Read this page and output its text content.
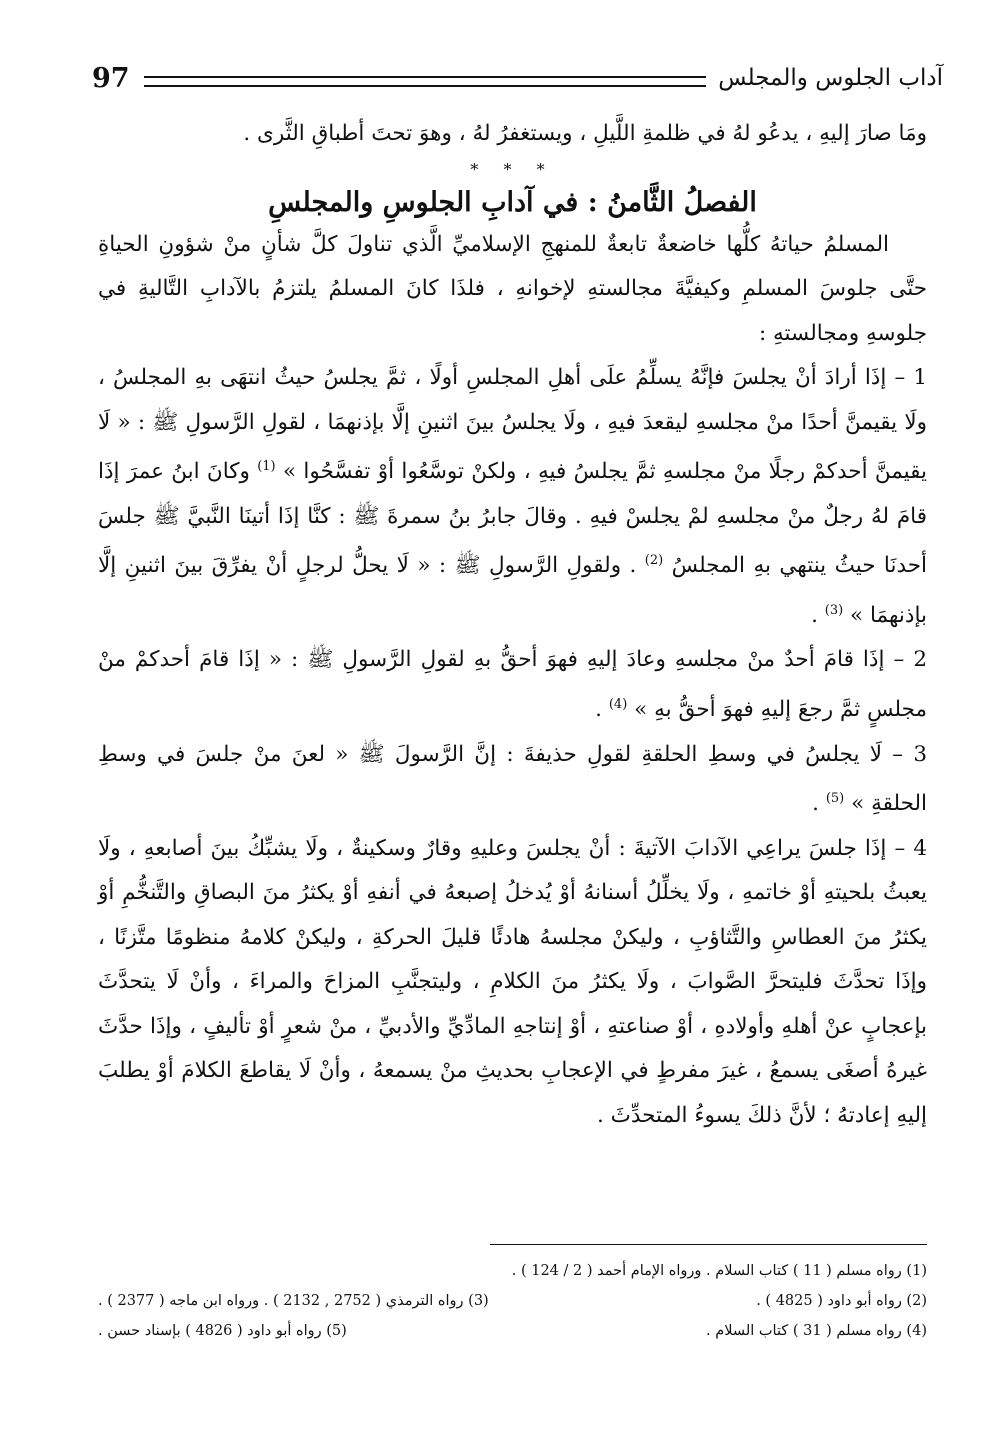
آداب الجلوس والمجلس
97

ومَا صارَ إليهِ ، يدعُو لهُ في ظلمةِ اللَّيلِ ، ويستغفرُ لهُ ، وهوَ تحتَ أطباقِ الثَّرى .

* * *

الفصلُ الثَّامنُ : في آدابِ الجلوسِ والمجلسِ

المسلمُ حياتهُ كلُّها خاضعةٌ تابعةٌ للمنهجِ الإسلاميِّ الَّذي تناولَ كلَّ شأنٍ منْ شؤونِ الحياةِ حتَّى جلوسَ المسلمِ وكيفيَّةَ مجالستهِ لإخوانهِ ، فلذَا كانَ المسلمُ يلتزمُ بالآدابِ التَّاليةِ في جلوسهِ ومجالستهِ :

1 – إذَا أرادَ أنْ يجلسَ فإنَّهُ يسلِّمُ علَى أهلِ المجلسِ أولًا ، ثمَّ يجلسُ حيثُ انتهَى بهِ المجلسُ ، ولَا يقيمنَّ أحدًا منْ مجلسهِ ليقعدَ فيهِ ، ولَا يجلسُ بينَ اثنينِ إلَّا بإذنهمَا ، لقولِ الرَّسولِ ﷺ : « لَا يقيمنَّ أحدكمْ رجلًا منْ مجلسهِ ثمَّ يجلسُ فيهِ ، ولكنْ توسَّعُوا أوْ تفسَّحُوا » $^{(1)}$ وكانَ ابنُ عمرَ إذَا قامَ لهُ رجلٌ منْ مجلسهِ لمْ يجلسْ فيهِ . وقالَ جابرُ بنُ سمرةَ ﷺ : كنَّا إذَا أتينَا النَّبيَّ ﷺ جلسَ أحدنَا حيثُ ينتهي بهِ المجلسُ $^{(2)}$ . ولقولِ الرَّسولِ ﷺ : « لَا يحلُّ لرجلٍ أنْ يفرِّقَ بينَ اثنينِ إلَّا بإذنهمَا » $^{(3)}$ .

2 – إذَا قامَ أحدٌ منْ مجلسهِ وعادَ إليهِ فهوَ أحقُّ بهِ لقولِ الرَّسولِ ﷺ : « إذَا قامَ أحدكمْ منْ مجلسٍ ثمَّ رجعَ إليهِ فهوَ أحقُّ بهِ » $^{(4)}$ .

3 – لَا يجلسُ في وسطِ الحلقةِ لقولِ حذيفةَ : إنَّ الرَّسولَ ﷺ « لعنَ منْ جلسَ في وسطِ الحلقةِ » $^{(5)}$ .

4 – إذَا جلسَ يراعِي الآدابَ الآتيةَ : أنْ يجلسَ وعليهِ وقارٌ وسكينةٌ ، ولَا يشبِّكُ بينَ أصابعهِ ، ولَا يعبثُ بلحيتهِ أوْ خاتمهِ ، ولَا يخلِّلُ أسنانهُ أوْ يُدخلُ إصبعهُ في أنفهِ أوْ يكثرُ منَ البصاقِ والتَّنخُّمِ أوْ يكثرُ منَ العطاسِ والتَّثاؤبِ ، وليكنْ مجلسهُ هادئًا قليلَ الحركةِ ، وليكنْ كلامهُ منظومًا متَّزنًا ، وإذَا تحدَّثَ فليتحرَّ الصَّوابَ ، ولَا يكثرُ منَ الكلامِ ، وليتجنَّبِ المزاحَ والمراءَ ، وأنْ لَا يتحدَّثَ بإعجابٍ عنْ أهلهِ وأولادهِ ، أوْ صناعتهِ ، أوْ إنتاجهِ المادِّيِّ والأدبيِّ ، منْ شعرٍ أوْ تأليفٍ ، وإذَا حدَّثَ غيرهُ أصغَى يسمعُ ، غيرَ مفرطٍ في الإعجابِ بحديثِ منْ يسمعهُ ، وأنْ لَا يقاطعَ الكلامَ أوْ يطلبَ إليهِ إعادتهُ ؛ لأنَّ ذلكَ يسوءُ المتحدِّثَ .

(1) رواه مسلم ( 11 ) كتاب السلام . ورواه الإمام أحمد ( 2 / 124 ) .
(2) رواه أبو داود ( 4825 ) .
(3) رواه الترمذي ( 2752 , 2132 ) . ورواه ابن ماجه ( 2377 ) .
(4) رواه مسلم ( 31 ) كتاب السلام .
(5) رواه أبو داود ( 4826 ) بإسناد حسن .
